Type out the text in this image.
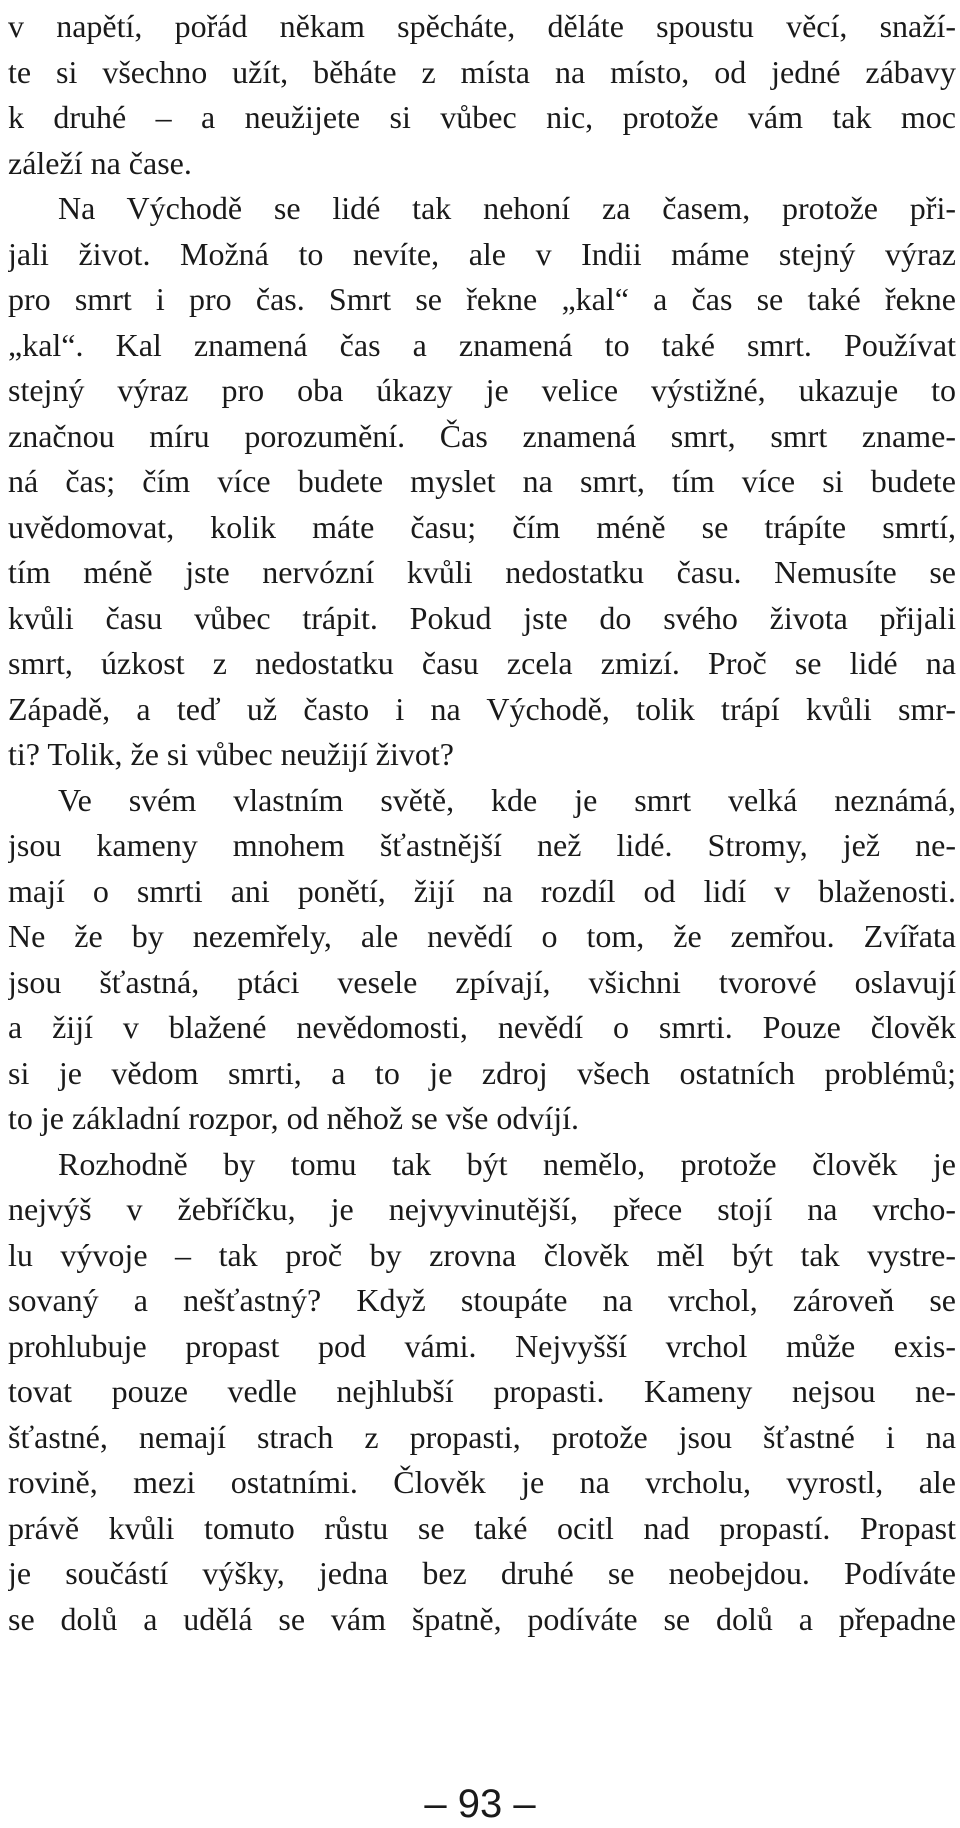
v napětí, pořád někam spěcháte, děláte spoustu věcí, snaží-
te si všechno užít, běháte z místa na místo, od jedné zábavy
k druhé – a neužijete si vůbec nic, protože vám tak moc
záleží na čase.
Na Východě se lidé tak nehoní za časem, protože při-
jali život. Možná to nevíte, ale v Indii máme stejný výraz
pro smrt i pro čas. Smrt se řekne „kal“ a čas se také řekne
„kal“. Kal znamená čas a znamená to také smrt. Používat
stejný výraz pro oba úkazy je velice výstižné, ukazuje to
značnou míru porozumění. Čas znamená smrt, smrt zname-
ná čas; čím více budete myslet na smrt, tím více si budete
uvědomovat, kolik máte času; čím méně se trápíte smrtí,
tím méně jste nervózní kvůli nedostatku času. Nemusíte se
kvůli času vůbec trápit. Pokud jste do svého života přijali
smrt, úzkost z nedostatku času zcela zmizí. Proč se lidé na
Západě, a teď už často i na Východě, tolik trápí kvůli smr-
ti? Tolik, že si vůbec neužijí život?
Ve svém vlastním světě, kde je smrt velká neznámá,
jsou kameny mnohem šťastnější než lidé. Stromy, jež ne-
mají o smrti ani ponětí, žijí na rozdíl od lidí v blaženosti.
Ne že by nezemřely, ale nevědí o tom, že zemřou. Zvířata
jsou šťastná, ptáci vesele zpívají, všichni tvorové oslavují
a žijí v blažené nevědomosti, nevědí o smrti. Pouze člověk
si je vědom smrti, a to je zdroj všech ostatních problémů;
to je základní rozpor, od něhož se vše odvíjí.
Rozhodně by tomu tak být nemělo, protože člověk je
nejvýš v žebříčku, je nejvyvinutější, přece stojí na vrcho-
lu vývoje – tak proč by zrovna člověk měl být tak vystre-
sovaný a nešťastný? Když stoupáte na vrchol, zároveň se
prohlubuje propast pod vámi. Nejvyšší vrchol může exis-
tovat pouze vedle nejhlubší propasti. Kameny nejsou ne-
šťastné, nemají strach z propasti, protože jsou šťastné i na
rovině, mezi ostatními. Člověk je na vrcholu, vyrostl, ale
právě kvůli tomuto růstu se také ocitl nad propastí. Propast
je součástí výšky, jedna bez druhé se neobejdou. Podíváte
se dolů a udělá se vám špatně, podíváte se dolů a přepadne
– 93 –
